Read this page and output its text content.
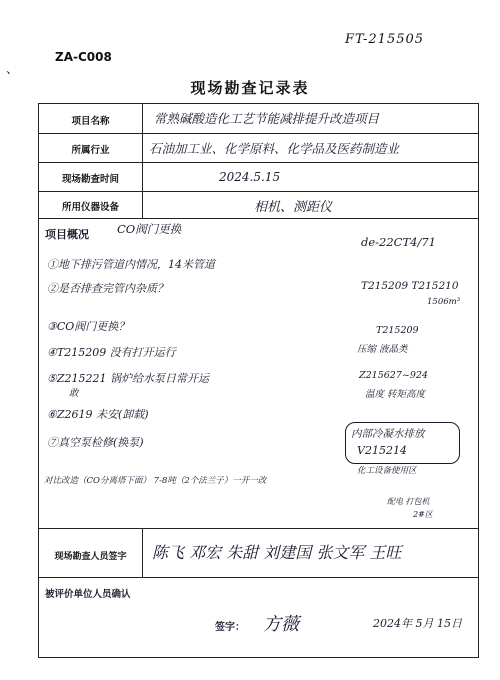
、
ZA-C008
FT-215505
现场勘查记录表
项目名称
所属行业
现场勘查时间
所用仪器设备
常熟碱酸造化工艺节能减排提升改造项目
石油加工业、化学原料、化学品及医药制造业
2024.5.15
相机、测距仪
项目概况 CO阀门更换
de-22CT4/71
①地下排污管道内情况，14米管道
②是否排查完管内杂质？
③CO阀门更换？
④T215209 没有打开运行
⑤Z215221 锅炉给水泵日常开运
敢
⑥Z2619 未安(卸载)
⑦真空泵检修(换泵)
T215209 T215210
1506m³
T215209
压缩 液晶类
Z215627~924
温度 转矩高度
内部冷凝水排放
V215214
化工设备使用区
配电 打包机
2#区
对比改造（CO分离塔下面） 7-8吨（2个法兰子）一开一改
现场勘查人员签字	陈飞 邓宏 朱甜 刘建国 张文军 王旺
被评价单位人员确认
签字： 方薇	2024年 5月 15日
